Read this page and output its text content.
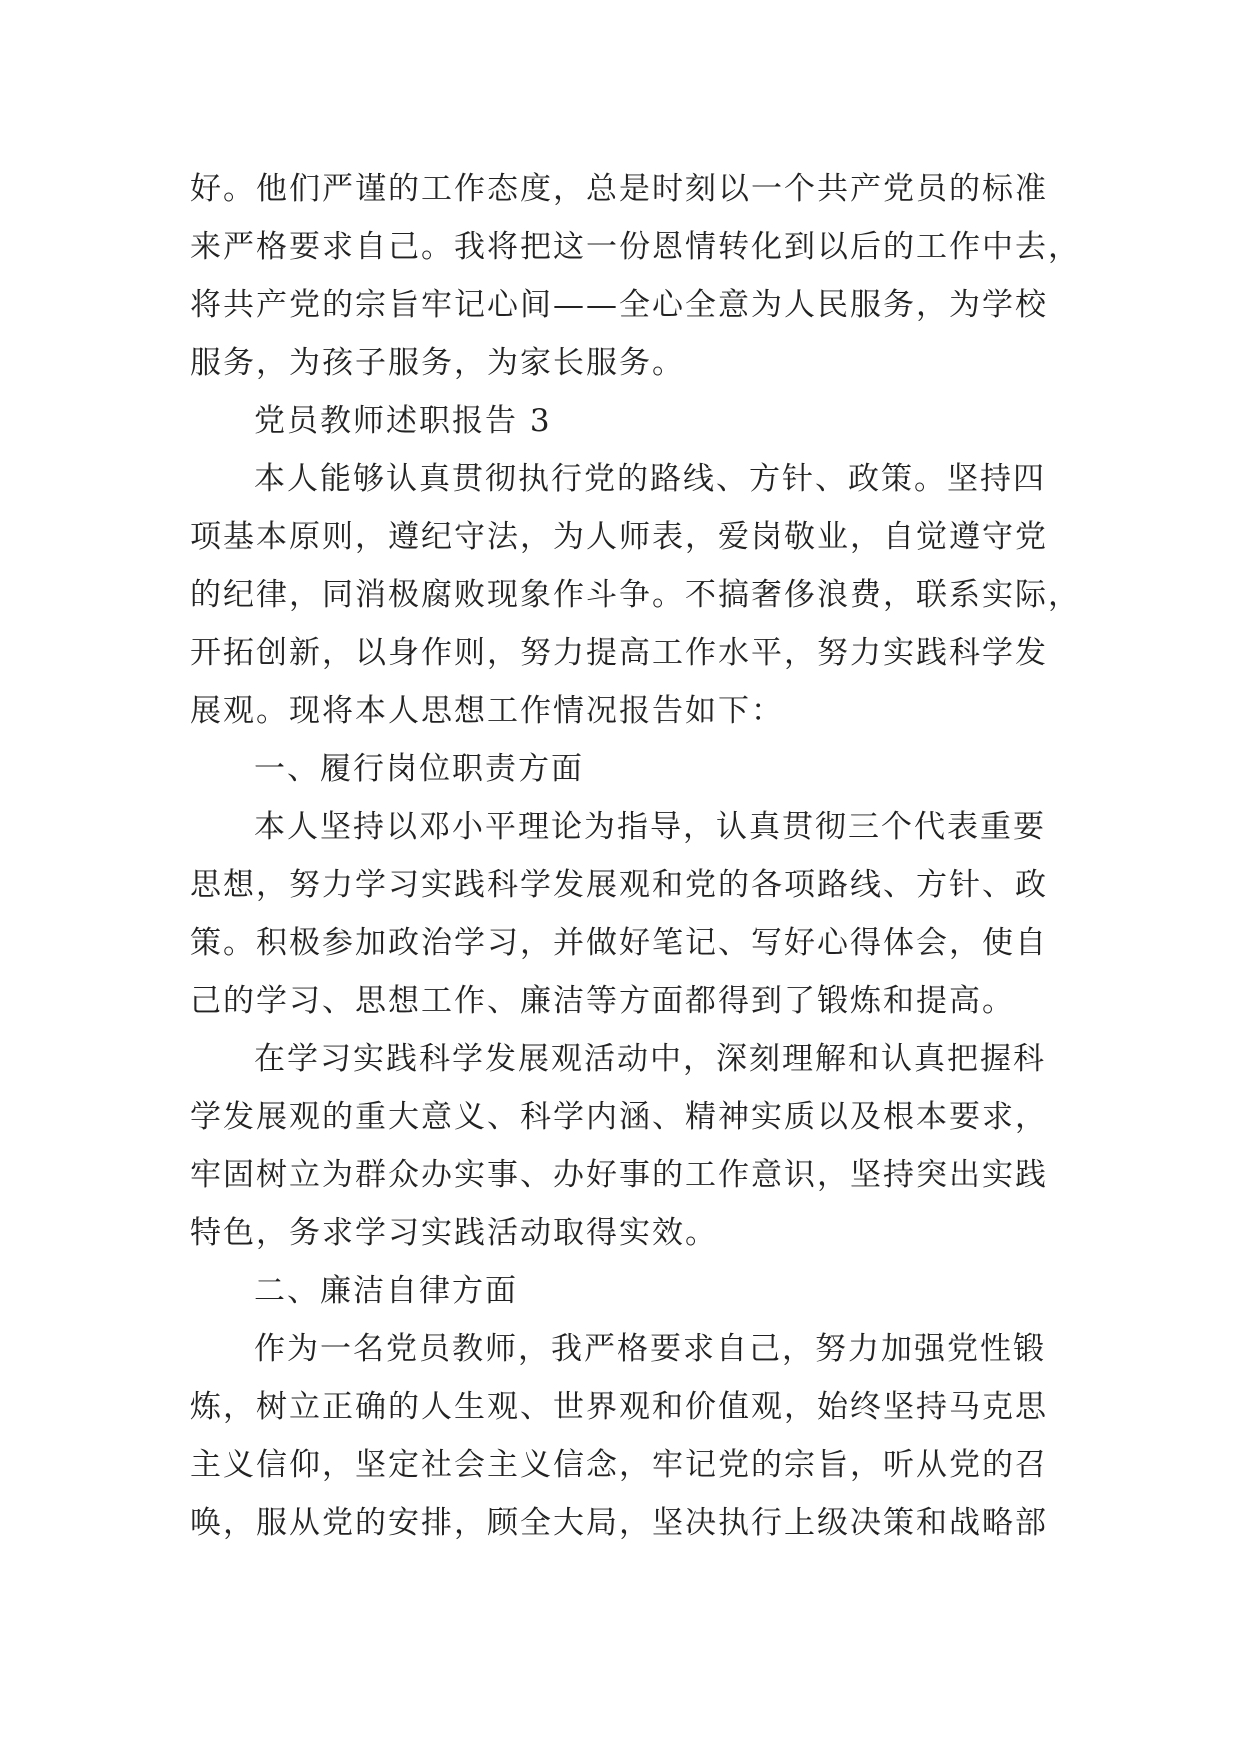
好。他们严谨的工作态度，总是时刻以一个共产党员的标准
来严格要求自己。我将把这一份恩情转化到以后的工作中去，
将共产党的宗旨牢记心间——全心全意为人民服务，为学校
服务，为孩子服务，为家长服务。
党员教师述职报告 3
本人能够认真贯彻执行党的路线、方针、政策。坚持四
项基本原则，遵纪守法，为人师表，爱岗敬业，自觉遵守党
的纪律，同消极腐败现象作斗争。不搞奢侈浪费，联系实际，
开拓创新，以身作则，努力提高工作水平，努力实践科学发
展观。现将本人思想工作情况报告如下：
一、履行岗位职责方面
本人坚持以邓小平理论为指导，认真贯彻三个代表重要
思想，努力学习实践科学发展观和党的各项路线、方针、政
策。积极参加政治学习，并做好笔记、写好心得体会，使自
己的学习、思想工作、廉洁等方面都得到了锻炼和提高。
在学习实践科学发展观活动中，深刻理解和认真把握科
学发展观的重大意义、科学内涵、精神实质以及根本要求，
牢固树立为群众办实事、办好事的工作意识，坚持突出实践
特色，务求学习实践活动取得实效。
二、廉洁自律方面
作为一名党员教师，我严格要求自己，努力加强党性锻
炼，树立正确的人生观、世界观和价值观，始终坚持马克思
主义信仰，坚定社会主义信念，牢记党的宗旨，听从党的召
唤，服从党的安排，顾全大局，坚决执行上级决策和战略部
